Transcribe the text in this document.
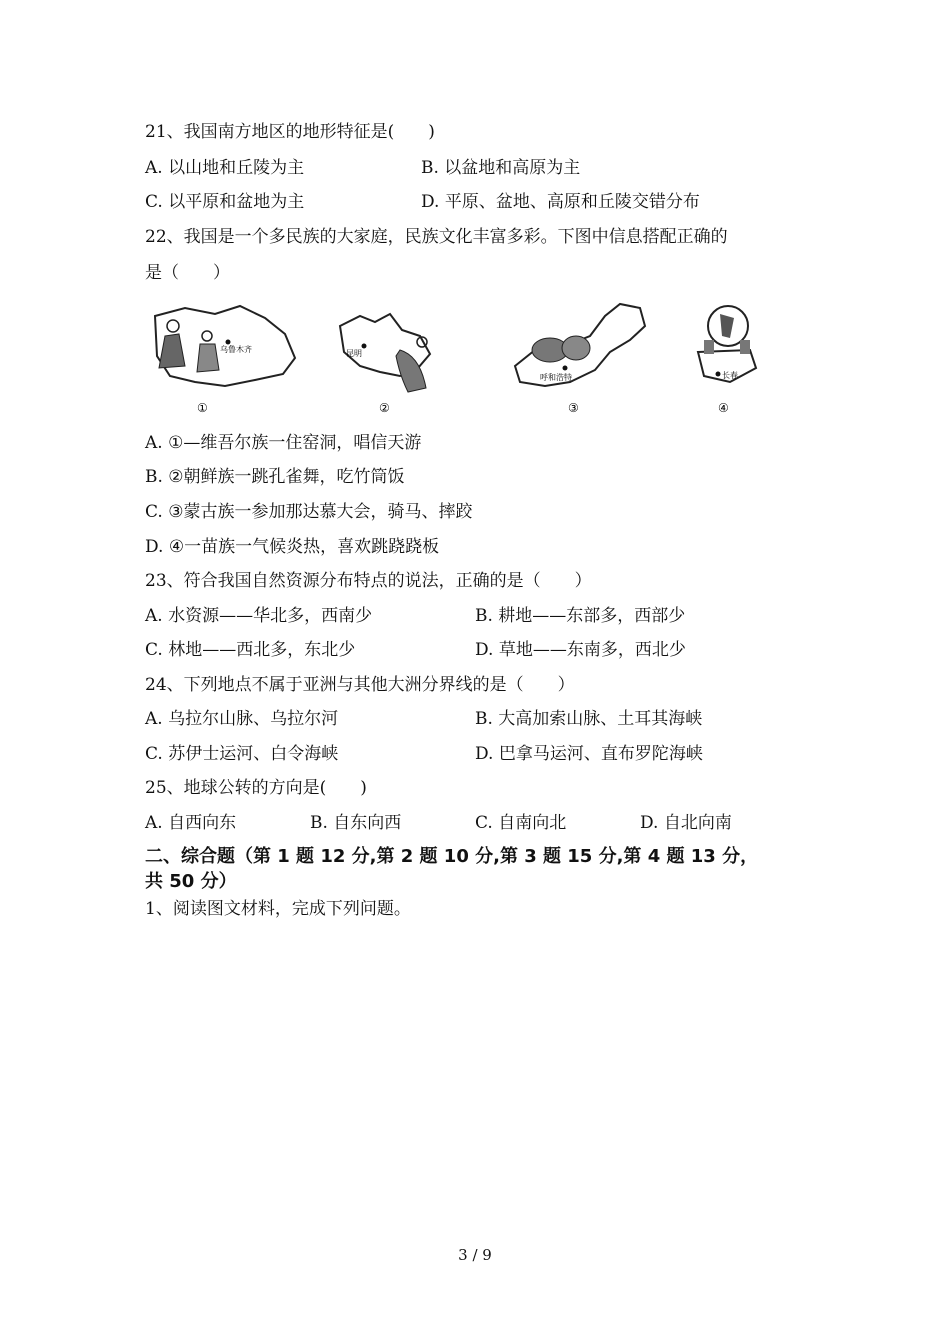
21、我国南方地区的地形特征是(　　)
A. 以山地和丘陵为主	B. 以盆地和高原为主
C. 以平原和盆地为主	D. 平原、盆地、高原和丘陵交错分布
22、我国是一个多民族的大家庭，民族文化丰富多彩。下图中信息搭配正确的
是（　　）
乌鲁木齐
①
昆明
②
呼和浩特
③
长春
④
A. ①—维吾尔族一住窑洞，唱信天游
B. ②朝鲜族一跳孔雀舞，吃竹筒饭
C. ③蒙古族一参加那达慕大会，骑马、摔跤
D. ④一苗族一气候炎热，喜欢跳跷跷板
23、符合我国自然资源分布特点的说法，正确的是（　　）
A. 水资源——华北多，西南少	B. 耕地——东部多，西部少
C. 林地——西北多，东北少	D. 草地——东南多，西北少
24、下列地点不属于亚洲与其他大洲分界线的是（　　）
A. 乌拉尔山脉、乌拉尔河	B. 大高加索山脉、土耳其海峡
C. 苏伊士运河、白令海峡	D. 巴拿马运河、直布罗陀海峡
25、地球公转的方向是(　　)
A. 自西向东	B. 自东向西	C. 自南向北	D. 自北向南
二、综合题（第 1 题 12 分,第 2 题 10 分,第 3 题 15 分,第 4 题 13 分，
共 50 分）
1、阅读图文材料，完成下列问题。
3 / 9
